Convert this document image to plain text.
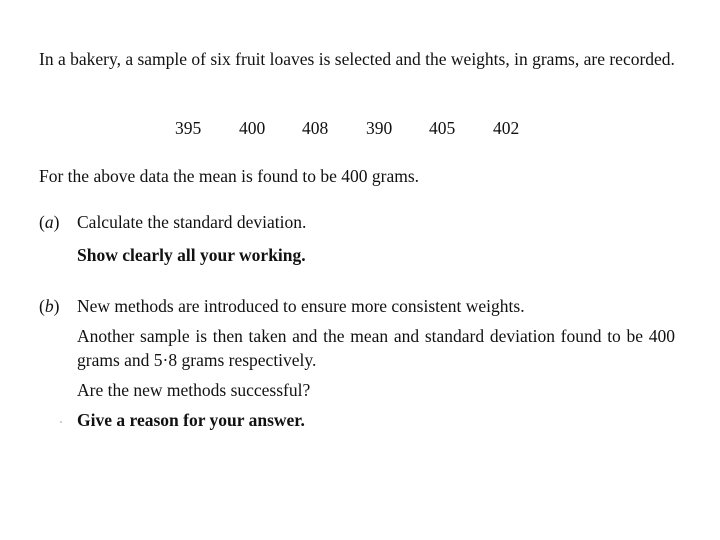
In a bakery, a sample of six fruit loaves is selected and the weights, in grams, are recorded.

395 400 408 390 405 402

For the above data the mean is found to be 400 grams.

(a) Calculate the standard deviation.

Show clearly all your working.

(b) New methods are introduced to ensure more consistent weights.

Another sample is then taken and the mean and standard deviation found to be 400 grams and 5·8 grams respectively.

Are the new methods successful?

Give a reason for your answer.
